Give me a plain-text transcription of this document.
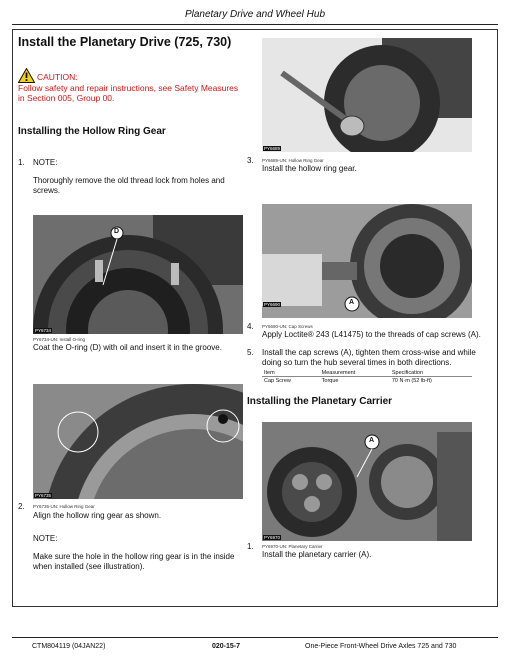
Planetary Drive and Wheel Hub
Install the Planetary Drive (725, 730)
CAUTION:
Follow safety and repair instructions, see Safety Measures in Section 005, Group 00.
Installing the Hollow Ring Gear
1. NOTE:
Thoroughly remove the old thread lock from holes and screws.
D
PY6734
PY6734-UN: Install O-ring
Coat the O-ring (D) with oil and insert it in the groove.
PY6735
2. PY6735-UN: Hollow Ring Gear
Align the hollow ring gear as shown.
NOTE:
Make sure the hole in the hollow ring gear is in the inside when installed (see illustration).
PY6689
3. PY6689-UN: Hollow Ring Gear
Install the hollow ring gear.
A
PY6690
4. PY6690-UN: Cap Screws
Apply Loctite® 243 (L41475) to the threads of cap screws (A).
5. Install the cap screws (A), tighten them cross-wise and while doing so turn the hub several times in both directions.
Item	Measurement	Specification
Cap Screw	Torque	70 N·m (52 lb-ft)
Installing the Planetary Carrier
A
PY6970
1. PY6970-UN: Planetary Carrier
Install the planetary carrier (A).
CTM804119 (04JAN22)	020-15-7	One-Piece Front-Wheel Drive Axles 725 and 730
